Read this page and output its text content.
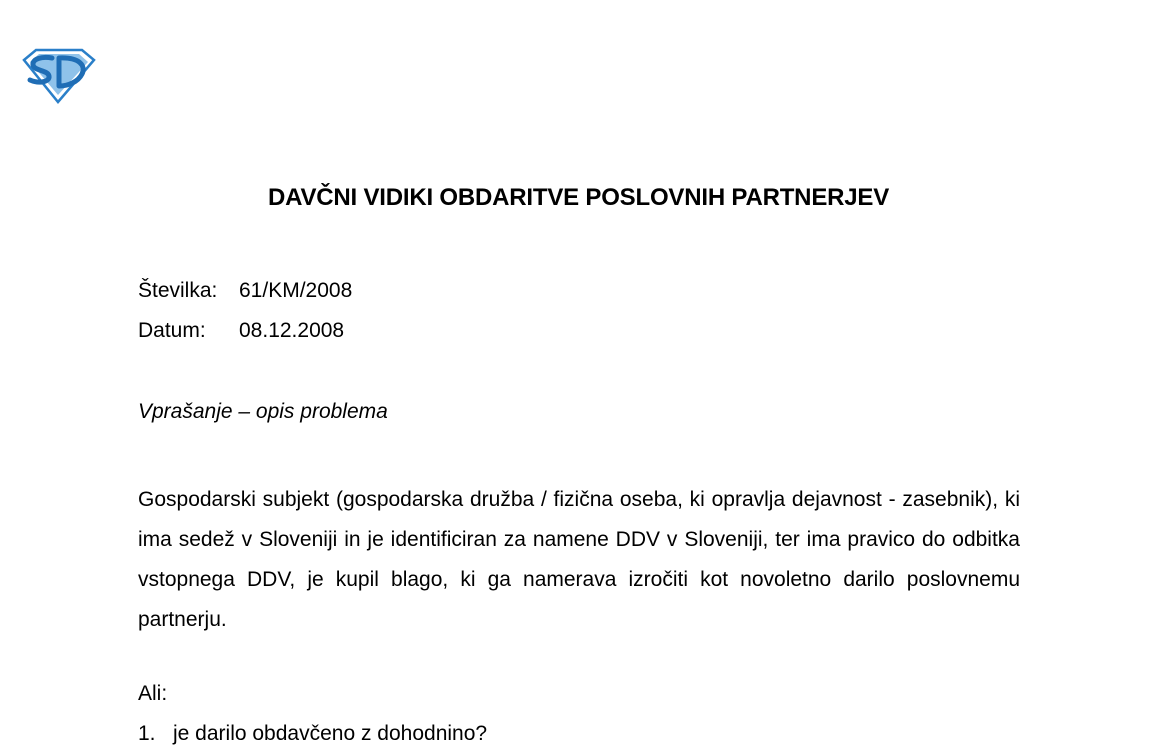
DAVČNI VIDIKI OBDARITVE POSLOVNIH PARTNERJEV
Številka: 61/KM/2008
Datum: 08.12.2008
Vprašanje – opis problema

Gospodarski subjekt (gospodarska družba / fizična oseba, ki opravlja dejavnost - zasebnik), ki ima sedež v Sloveniji in je identificiran za namene DDV v Sloveniji, ter ima pravico do odbitka vstopnega DDV, je kupil blago, ki ga namerava izročiti kot novoletno darilo poslovnemu partnerju.

Ali:
1. je darilo obdavčeno z dohodnino?
